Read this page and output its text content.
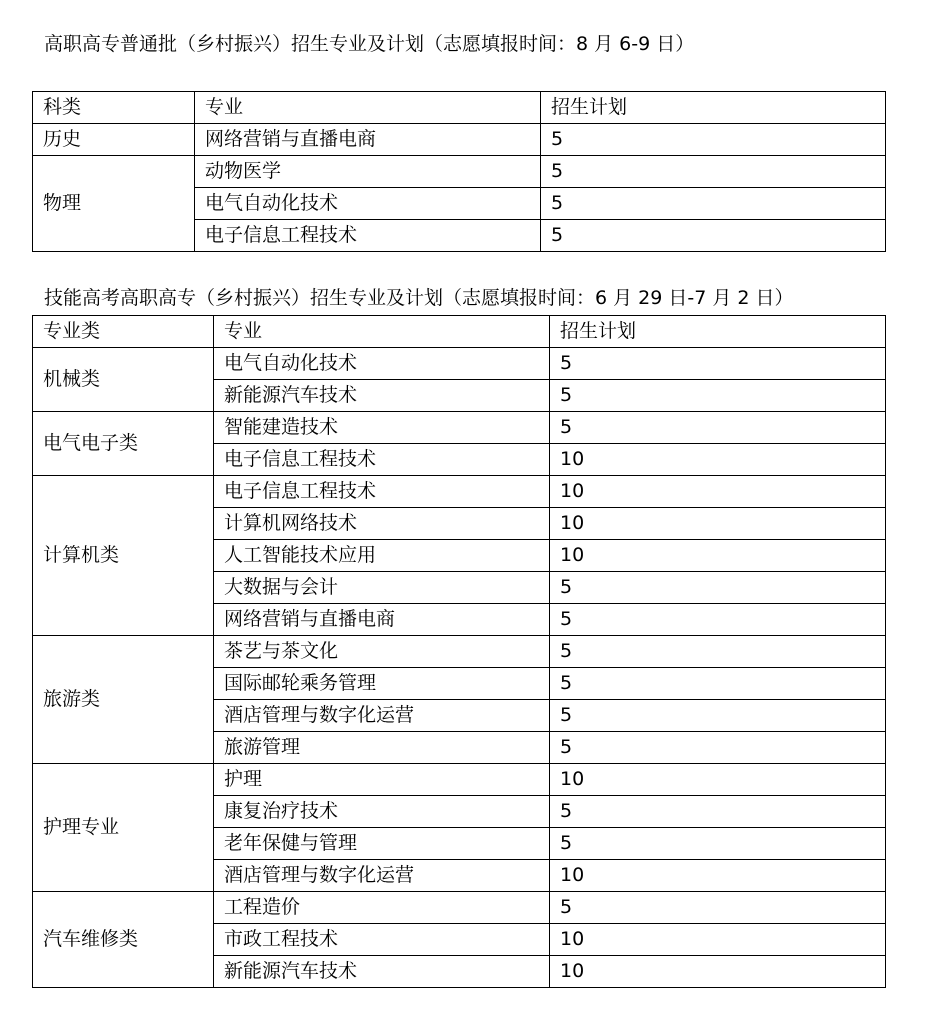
高职高专普通批（乡村振兴）招生专业及计划（志愿填报时间：8 月 6-9 日）
科类	专业	招生计划
历史	网络营销与直播电商	5
物理	动物医学	5
	电气自动化技术	5
	电子信息工程技术	5
技能高考高职高专（乡村振兴）招生专业及计划（志愿填报时间：6 月 29 日-7 月 2 日）
专业类	专业	招生计划
机械类	电气自动化技术	5
	新能源汽车技术	5
电气电子类	智能建造技术	5
	电子信息工程技术	10
计算机类	电子信息工程技术	10
	计算机网络技术	10
	人工智能技术应用	10
	大数据与会计	5
	网络营销与直播电商	5
旅游类	茶艺与茶文化	5
	国际邮轮乘务管理	5
	酒店管理与数字化运营	5
	旅游管理	5
护理专业	护理	10
	康复治疗技术	5
	老年保健与管理	5
	酒店管理与数字化运营	10
汽车维修类	工程造价	5
	市政工程技术	10
	新能源汽车技术	10
